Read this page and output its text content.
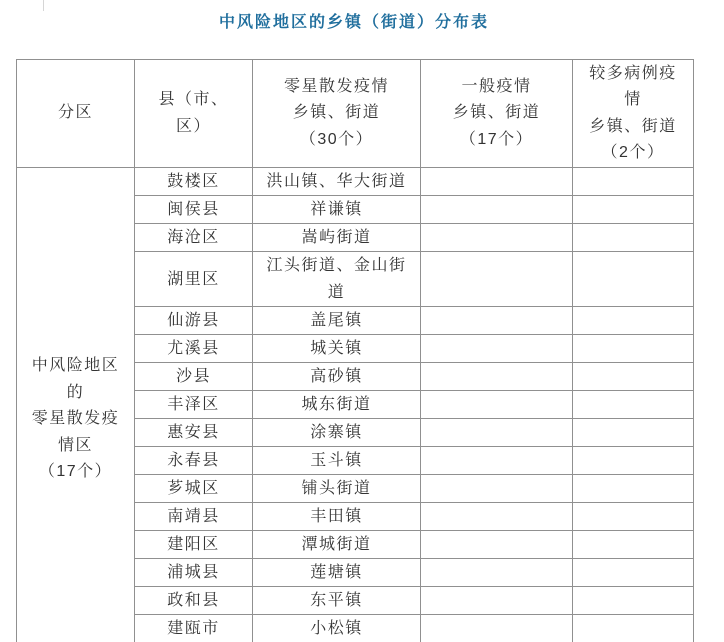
中风险地区的乡镇（街道）分布表
分区	县（市、
区）	零星散发疫情
乡镇、街道
（30个）	一般疫情
乡镇、街道
（17个）	较多病例疫
情
乡镇、街道
（2个）

中风险地区
的
零星散发疫
情区
（17个）	鼓楼区	洪山镇、华大街道		
	闽侯县	祥谦镇		
	海沧区	嵩屿街道		
	湖里区	江头街道、金山街道		
	仙游县	盖尾镇		
	尤溪县	城关镇		
	沙县	高砂镇		
	丰泽区	城东街道		
	惠安县	涂寨镇		
	永春县	玉斗镇		
	芗城区	铺头街道		
	南靖县	丰田镇		
	建阳区	潭城街道		
	浦城县	莲塘镇		
	政和县	东平镇		
	建瓯市	小松镇		
